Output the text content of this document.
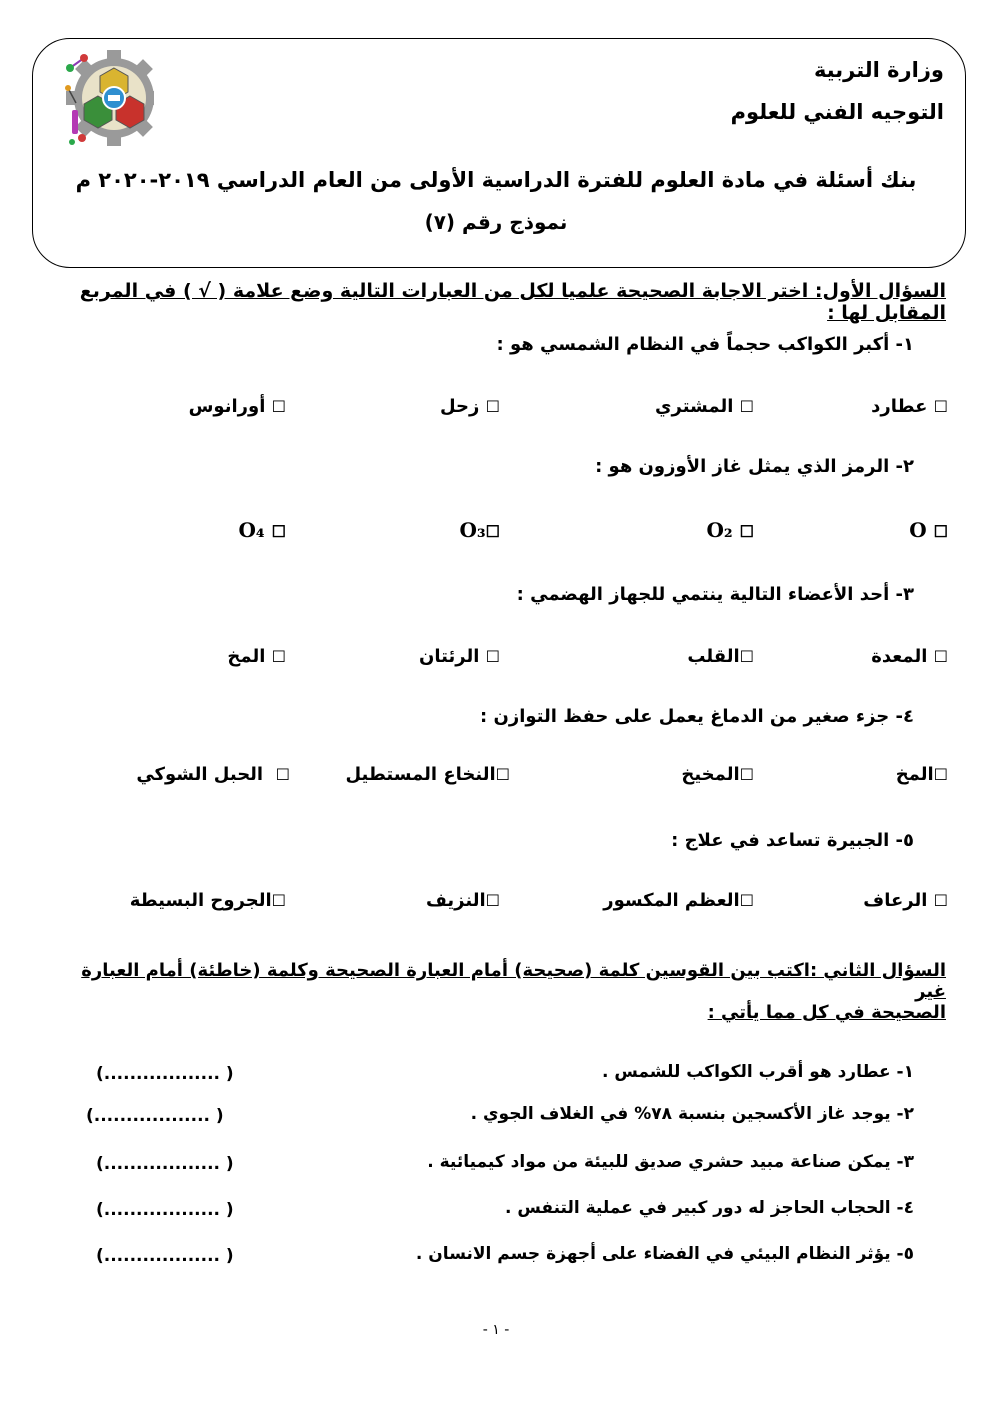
وزارة التربية
التوجيه الفني للعلوم
بنك أسئلة في مادة العلوم للفترة الدراسية الأولى من العام الدراسي ٢٠١٩-٢٠٢٠ م
نموذج رقم (٧)
السؤال الأول: اختر الاجابة الصحيحة علميا لكل من العبارات التالية وضع علامة ( √ ) في المربع المقابل لها :
١- أكبر الكواكب حجماً في النظام الشمسي هو :
☐ عطارد
☐ المشتري
☐ زحل
☐ أورانوس
٢- الرمز الذي يمثل غاز الأوزون هو :
☐ O
☐ O₂
☐O₃
☐ O₄
٣- أحد الأعضاء التالية ينتمي للجهاز الهضمي :
☐ المعدة
☐القلب
☐ الرئتان
☐ المخ
٤- جزء صغير من الدماغ يعمل على حفظ التوازن :
☐المخ
☐المخيخ
☐النخاع المستطيل
☐  الحبل الشوكي
٥- الجبيرة تساعد في علاج :
☐ الرعاف
☐العظم المكسور
☐النزيف
☐الجروح البسيطة
السؤال الثاني :اكتب بين القوسين كلمة (صحيحة) أمام العبارة الصحيحة وكلمة (خاطئة) أمام العبارة غير
الصحيحة في كل مما يأتي :
١- عطارد هو أقرب الكواكب للشمس .
(.................. )
٢- يوجد غاز الأكسجين بنسبة ٧٨% في الغلاف الجوي .
(.................. )
٣- يمكن صناعة مبيد حشري صديق للبيئة من مواد كيميائية .
(.................. )
٤- الحجاب الحاجز له دور كبير في عملية التنفس .
(.................. )
٥- يؤثر النظام البيئي في الفضاء على أجهزة جسم الانسان .
(.................. )
- ١ -
